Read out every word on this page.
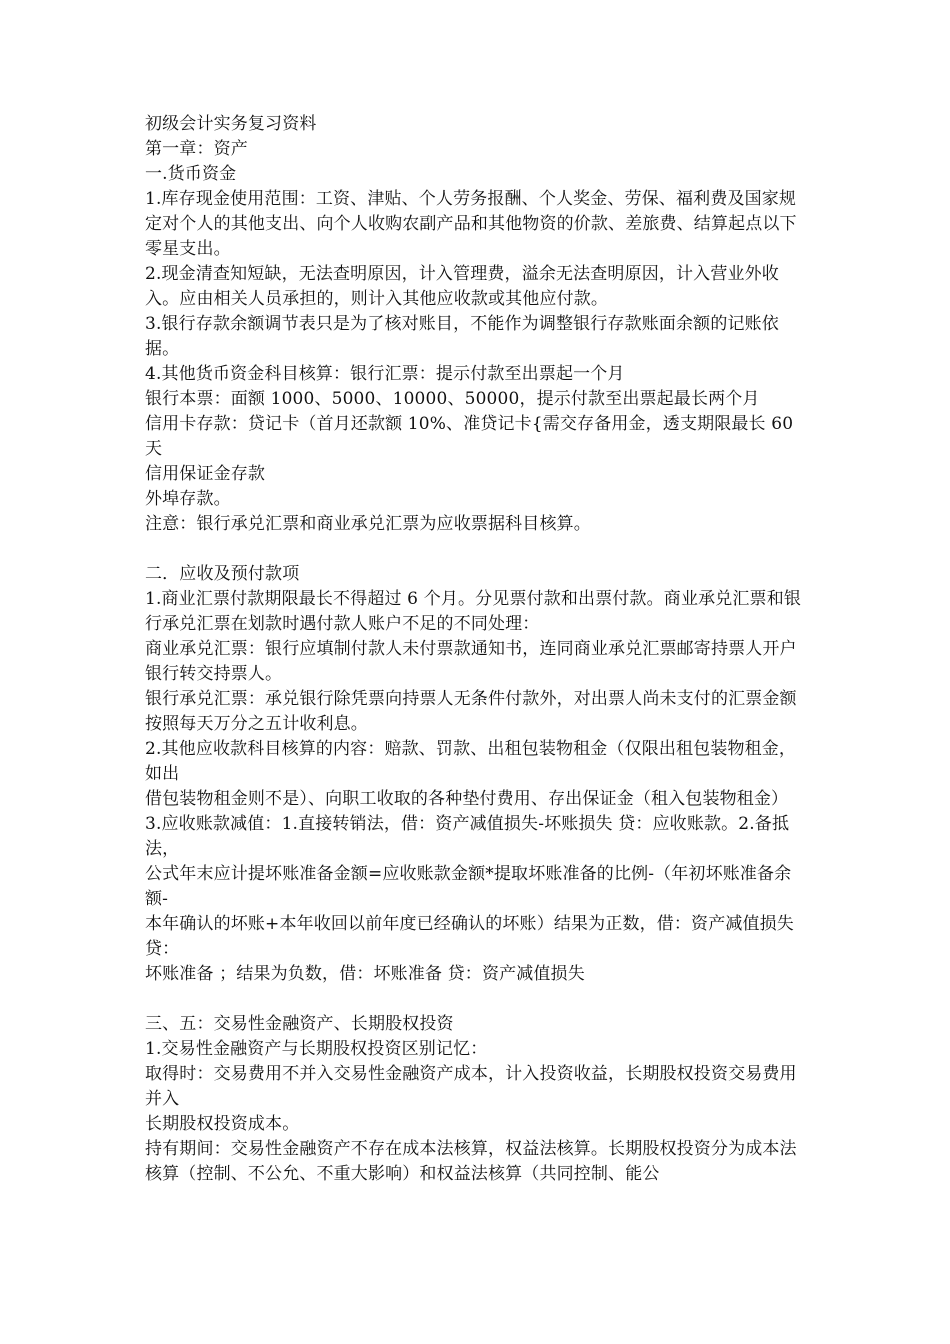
初级会计实务复习资料
第一章：资产
一.货币资金
1.库存现金使用范围：工资、津贴、个人劳务报酬、个人奖金、劳保、福利费及国家规定对个人的其他支出、向个人收购农副产品和其他物资的价款、差旅费、结算起点以下零星支出。
2.现金清查知短缺，无法查明原因，计入管理费，溢余无法查明原因，计入营业外收入。应由相关人员承担的，则计入其他应收款或其他应付款。
3.银行存款余额调节表只是为了核对账目，不能作为调整银行存款账面余额的记账依据。
4.其他货币资金科目核算：银行汇票：提示付款至出票起一个月
银行本票：面额 1000、5000、10000、50000，提示付款至出票起最长两个月
信用卡存款：贷记卡（首月还款额 10%、准贷记卡{需交存备用金，透支期限最长 60 天
信用保证金存款
外埠存款。
注意：银行承兑汇票和商业承兑汇票为应收票据科目核算。
二．应收及预付款项
1.商业汇票付款期限最长不得超过 6 个月。分见票付款和出票付款。商业承兑汇票和银行承兑汇票在划款时遇付款人账户不足的不同处理：
商业承兑汇票：银行应填制付款人未付票款通知书，连同商业承兑汇票邮寄持票人开户银行转交持票人。
银行承兑汇票：承兑银行除凭票向持票人无条件付款外，对出票人尚未支付的汇票金额按照每天万分之五计收利息。
2.其他应收款科目核算的内容：赔款、罚款、出租包装物租金（仅限出租包装物租金，如出
借包装物租金则不是）、向职工收取的各种垫付费用、存出保证金（租入包装物租金）
3.应收账款减值：1.直接转销法，借：资产减值损失-坏账损失 贷：应收账款。2.备抵法，
公式年末应计提坏账准备金额=应收账款金额*提取坏账准备的比例-（年初坏账准备余额-
本年确认的坏账+本年收回以前年度已经确认的坏账）结果为正数，借：资产减值损失 贷：
坏账准备 ；结果为负数，借：坏账准备 贷：资产减值损失
三、五：交易性金融资产、长期股权投资
1.交易性金融资产与长期股权投资区别记忆：
取得时：交易费用不并入交易性金融资产成本，计入投资收益，长期股权投资交易费用并入
长期股权投资成本。
持有期间：交易性金融资产不存在成本法核算，权益法核算。长期股权投资分为成本法核算（控制、不公允、不重大影响）和权益法核算（共同控制、能公
